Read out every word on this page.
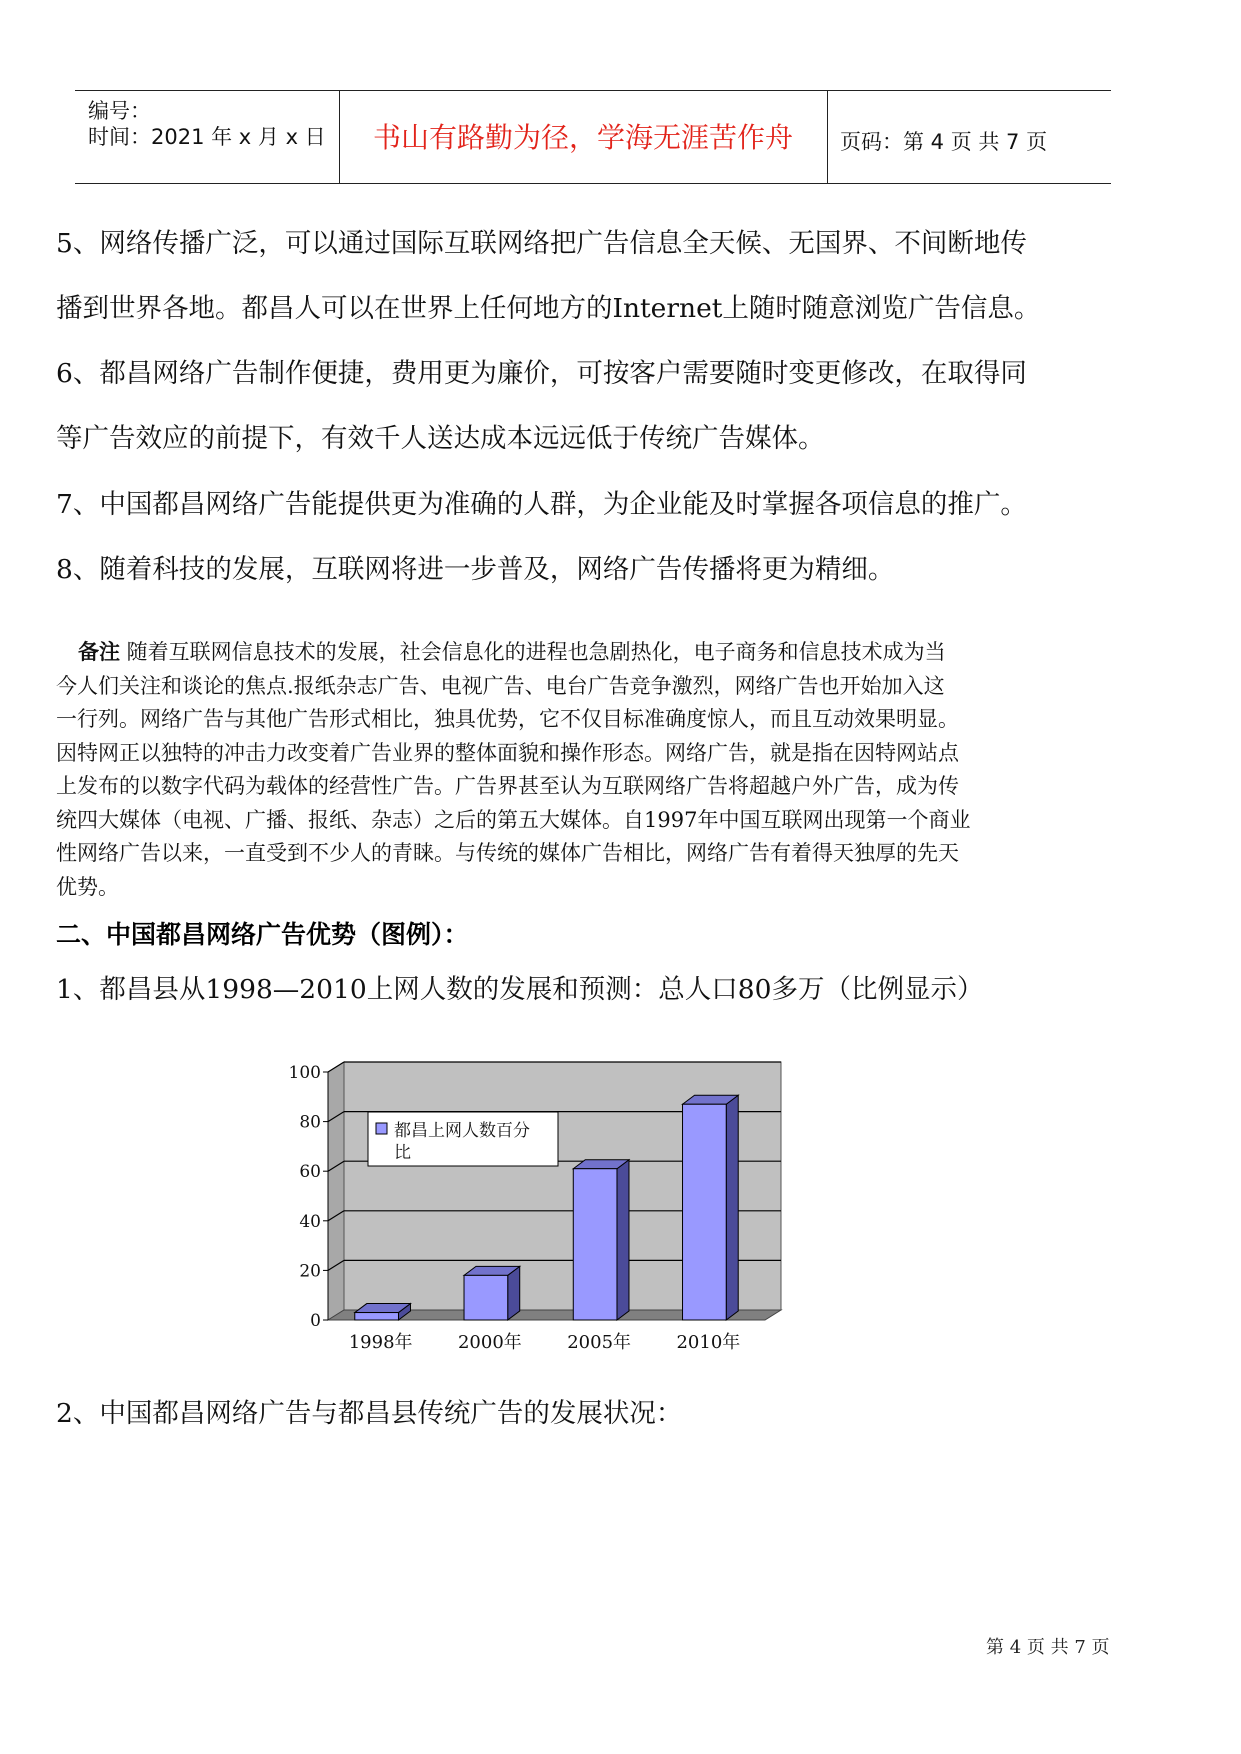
编号：
时间：2021 年 x 月 x 日	书山有路勤为径，学海无涯苦作舟	页码：第 4 页 共 7 页
5、网络传播广泛，可以通过国际互联网络把广告信息全天候、无国界、不间断地传
播到世界各地。都昌人可以在世界上任何地方的Internet上随时随意浏览广告信息。
6、都昌网络广告制作便捷，费用更为廉价，可按客户需要随时变更修改，在取得同
等广告效应的前提下，有效千人送达成本远远低于传统广告媒体。
7、中国都昌网络广告能提供更为准确的人群，为企业能及时掌握各项信息的推广。
8、随着科技的发展，互联网将进一步普及，网络广告传播将更为精细。

备注 随着互联网信息技术的发展，社会信息化的进程也急剧热化，电子商务和信息技术成为当

今人们关注和谈论的焦点.报纸杂志广告、电视广告、电台广告竞争激烈，网络广告也开始加入这

一行列。网络广告与其他广告形式相比，独具优势，它不仅目标准确度惊人，而且互动效果明显。

因特网正以独特的冲击力改变着广告业界的整体面貌和操作形态。网络广告，就是指在因特网站点

上发布的以数字代码为载体的经营性广告。广告界甚至认为互联网络广告将超越户外广告，成为传

统四大媒体（电视、广播、报纸、杂志）之后的第五大媒体。自1997年中国互联网出现第一个商业

性网络广告以来，一直受到不少人的青睐。与传统的媒体广告相比，网络广告有着得天独厚的先天

优势。

二、中国都昌网络广告优势（图例）：
1、都昌县从1998—2010上网人数的发展和预测：总人口80多万（比例显示）
0
20
40
60
80
100
1998年	2000年	2005年	2010年
都昌上网人数百分
比
2、中国都昌网络广告与都昌县传统广告的发展状况：
第 4 页 共 7 页
